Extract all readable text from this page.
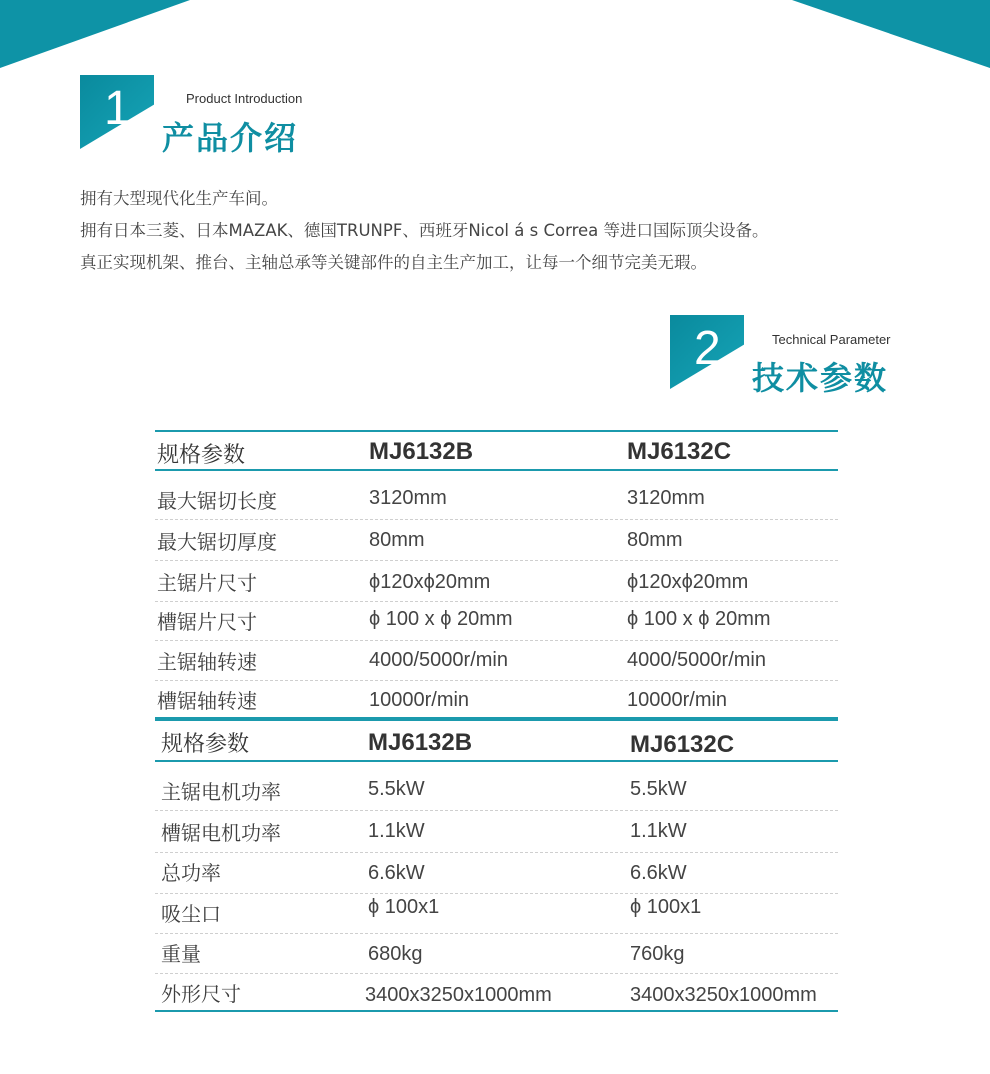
1	Product Introduction
产品介绍

拥有大型现代化生产车间。

拥有日本三菱、日本MAZAK、德国TRUNPF、西班牙Nicol á s Correa 等进口国际顶尖设备。

真正实现机架、推台、主轴总承等关键部件的自主生产加工，让每一个细节完美无瑕。

2	Technical Parameter
技术参数
规格参数	MJ6132B	MJ6132C
最大锯切长度	3120mm	3120mm
最大锯切厚度	80mm	80mm
主锯片尺寸	ϕ120xϕ20mm	ϕ120xϕ20mm
槽锯片尺寸	ϕ 100 x ϕ 20mm	ϕ 100 x ϕ 20mm
主锯轴转速	4000/5000r/min	4000/5000r/min
槽锯轴转速	10000r/min	10000r/min
规格参数	MJ6132B	MJ6132C
主锯电机功率	5.5kW	5.5kW
槽锯电机功率	1.1kW	1.1kW
总功率	6.6kW	6.6kW
吸尘口	ϕ 100x1	ϕ 100x1
重量	680kg	760kg
外形尺寸	3400x3250x1000mm	3400x3250x1000mm
